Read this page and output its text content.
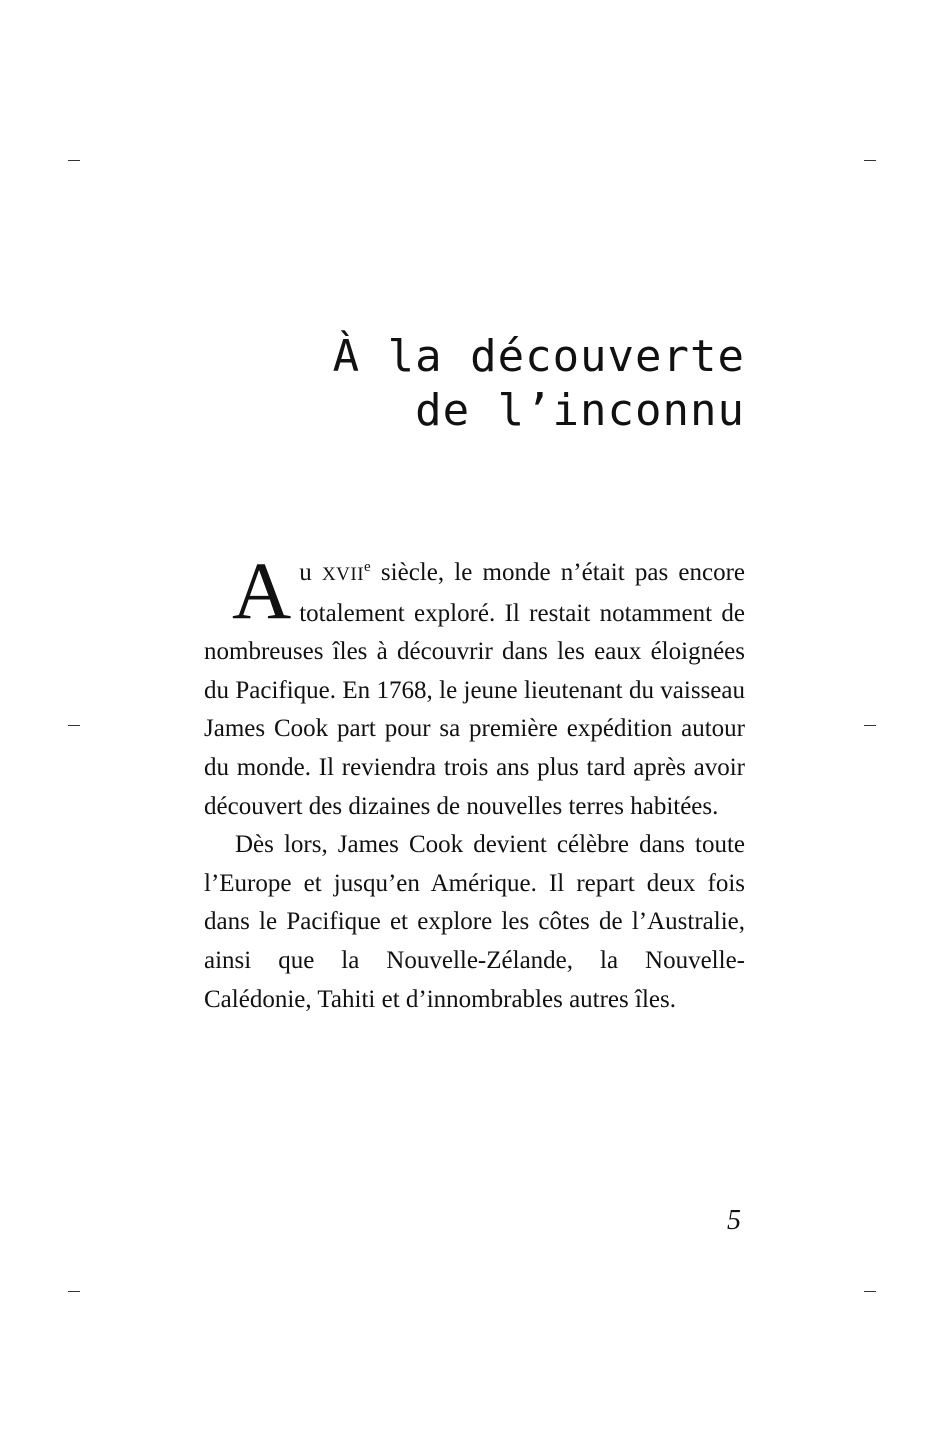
À la découverte
de l’inconnu

Au XVIIe siècle, le monde n’était pas encore totalement exploré. Il restait notamment de nombreuses îles à découvrir dans les eaux éloignées du Pacifique. En 1768, le jeune lieutenant du vaisseau James Cook part pour sa première expédition autour du monde. Il reviendra trois ans plus tard après avoir découvert des dizaines de nouvelles terres habitées.

Dès lors, James Cook devient célèbre dans toute l’Europe et jusqu’en Amérique. Il repart deux fois dans le Pacifique et explore les côtes de l’Australie, ainsi que la Nouvelle-Zélande, la Nouvelle-Calédonie, Tahiti et d’innombrables autres îles.

5
